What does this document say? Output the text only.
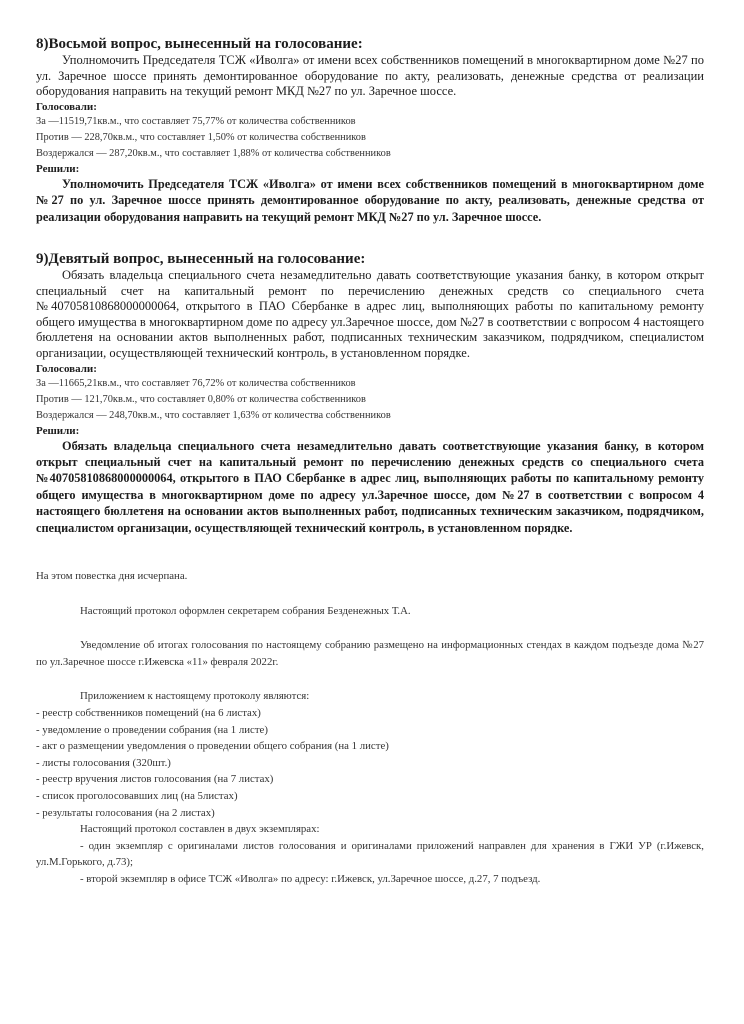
8)Восьмой вопрос, вынесенный на голосование:

Уполномочить Председателя ТСЖ «Иволга» от имени всех собственников помещений в многоквартирном доме №27 по ул. Заречное шоссе принять демонтированное оборудование по акту, реализовать, денежные средства от реализации оборудования направить на текущий ремонт МКД №27 по ул. Заречное шоссе.

Голосовали:

За —11519,71кв.м., что составляет 75,77% от количества собственников

Против — 228,70кв.м., что составляет 1,50% от количества собственников

Воздержался — 287,20кв.м., что составляет 1,88% от количества собственников

Решили:

Уполномочить Председателя ТСЖ «Иволга» от имени всех собственников помещений в многоквартирном доме №27 по ул. Заречное шоссе принять демонтированное оборудование по акту, реализовать, денежные средства от реализации оборудования направить на текущий ремонт МКД №27 по ул. Заречное шоссе.

9)Девятый вопрос, вынесенный на голосование:

Обязать владельца специального счета незамедлительно давать соответствующие указания банку, в котором открыт специальный счет на капитальный ремонт по перечислению денежных средств со специального счета №40705810868000000064, открытого в ПАО Сбербанке в адрес лиц, выполняющих работы по капитальному ремонту общего имущества в многоквартирном доме по адресу ул.Заречное шоссе, дом №27 в соответствии с вопросом 4 настоящего бюллетеня на основании актов выполненных работ, подписанных техническим заказчиком, подрядчиком, специалистом организации, осуществляющей технический контроль, в установленном порядке.

Голосовали:

За —11665,21кв.м., что составляет 76,72% от количества собственников

Против — 121,70кв.м., что составляет 0,80% от количества собственников

Воздержался — 248,70кв.м., что составляет 1,63% от количества собственников

Решили:

Обязать владельца специального счета незамедлительно давать соответствующие указания банку, в котором открыт специальный счет на капитальный ремонт по перечислению денежных средств со специального счета №40705810868000000064, открытого в ПАО Сбербанке в адрес лиц, выполняющих работы по капитальному ремонту общего имущества в многоквартирном доме по адресу ул.Заречное шоссе, дом №27 в соответствии с вопросом 4 настоящего бюллетеня на основании актов выполненных работ, подписанных техническим заказчиком, подрядчиком, специалистом организации, осуществляющей технический контроль, в установленном порядке.

На этом повестка дня исчерпана.

Настоящий протокол оформлен секретарем собрания Безденежных Т.А.

Уведомление об итогах голосования по настоящему собранию размещено на информационных стендах в каждом подъезде дома №27 по ул.Заречное шоссе г.Ижевска «11» февраля 2022г.

Приложением к настоящему протоколу являются:

- реестр собственников помещений (на 6 листах)

- уведомление о проведении собрания (на 1 листе)

- акт о размещении уведомления о проведении общего собрания (на 1 листе)

- листы голосования (320шт.)

- реестр вручения листов голосования (на 7 листах)

- список проголосовавших лиц (на 5листах)

- результаты голосования (на 2 листах)

Настоящий протокол составлен в двух экземплярах:

- один экземпляр с оригиналами листов голосования и оригиналами приложений направлен для хранения в ГЖИ УР (г.Ижевск, ул.М.Горького, д.73);

- второй экземпляр в офисе ТСЖ «Иволга» по адресу: г.Ижевск, ул.Заречное шоссе, д.27, 7 подъезд.
